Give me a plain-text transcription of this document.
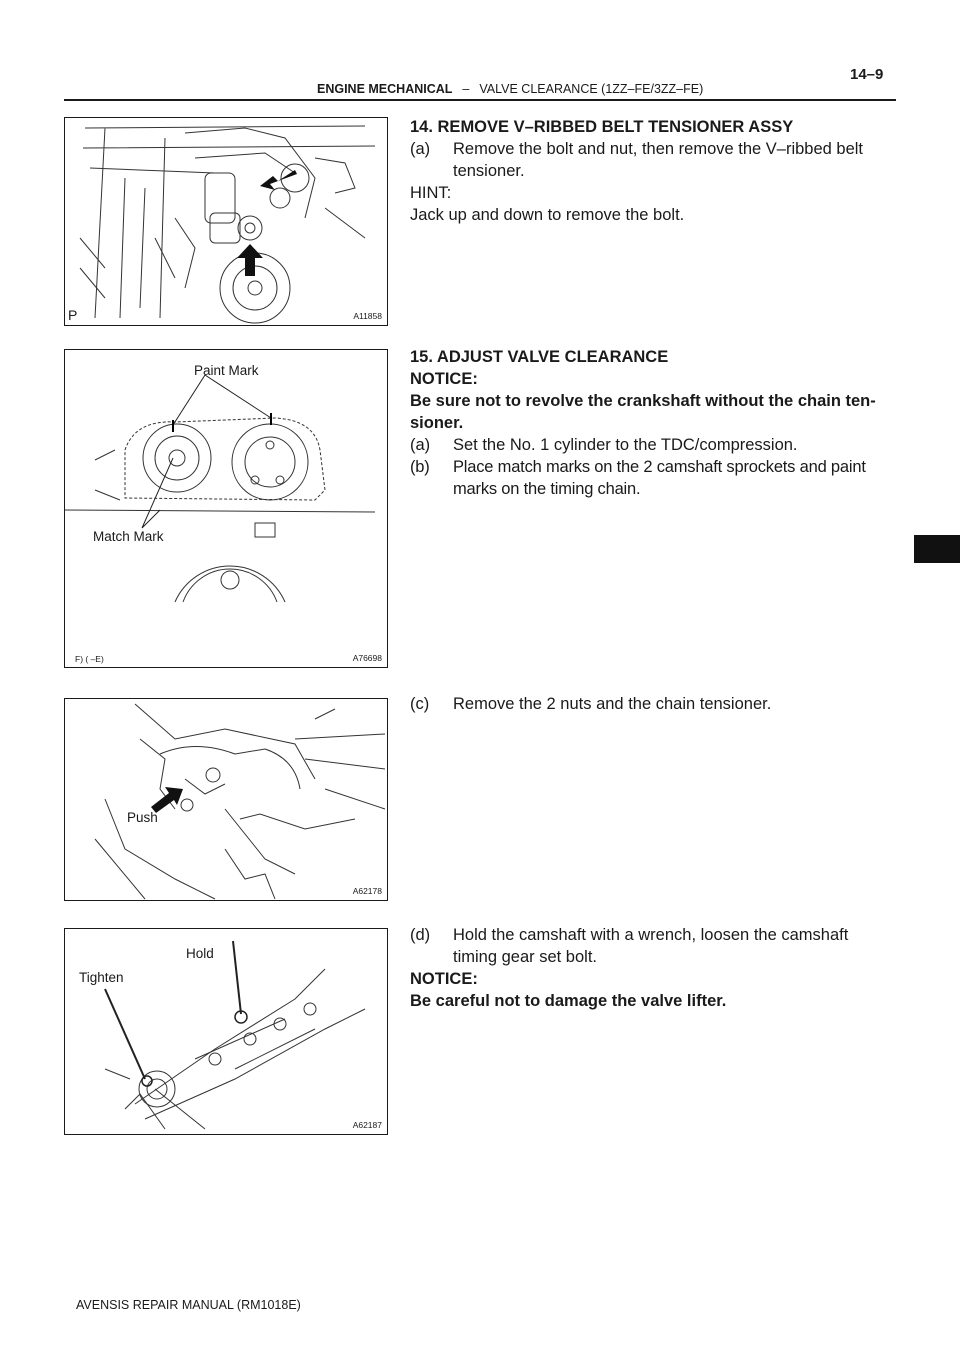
ENGINE MECHANICAL – VALVE CLEARANCE (1ZZ–FE/3ZZ–FE)
14–9
P	A11858
Paint Mark
Match Mark
F) ( –E)	A76698
Push
A62178
Hold
Tighten
A62187
14. REMOVE V–RIBBED BELT TENSIONER ASSY
(a) Remove the bolt and nut, then remove the V–ribbed belt tensioner.
HINT:
Jack up and down to remove the bolt.
15. ADJUST VALVE CLEARANCE
NOTICE:
Be sure not to revolve the crankshaft without the chain ten- sioner.
(a) Set the No. 1 cylinder to the TDC/compression.
(b) Place match marks on the 2 camshaft sprockets and paint marks on the timing chain.
(c) Remove the 2 nuts and the chain tensioner.
(d) Hold the camshaft with a wrench, loosen the camshaft timing gear set bolt.
NOTICE:
Be careful not to damage the valve lifter.
AVENSIS REPAIR MANUAL (RM1018E)
